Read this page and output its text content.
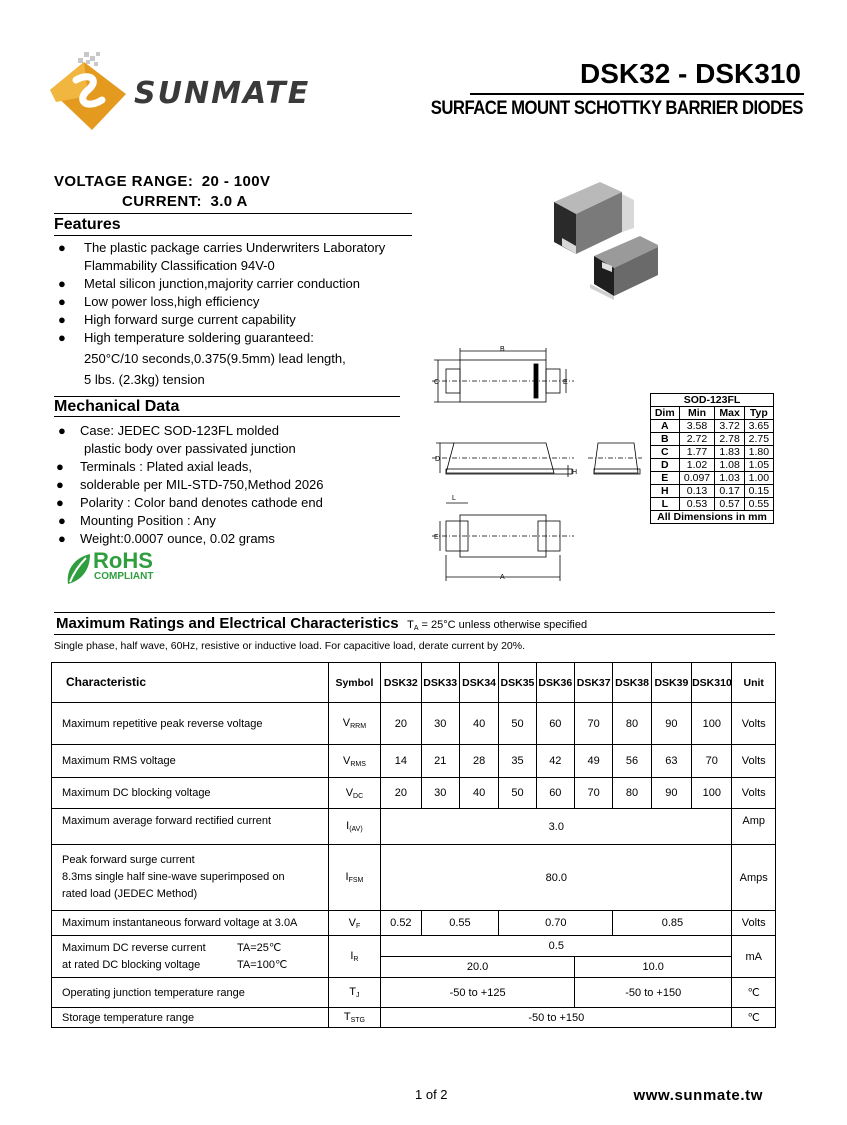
SUNMATE
DSK32 - DSK310
SURFACE MOUNT SCHOTTKY BARRIER DIODES
VOLTAGE RANGE: 20 - 100V
CURRENT: 3.0 A
Features
● The plastic package carries Underwriters Laboratory
Flammability Classification 94V-0
● Metal silicon junction,majority carrier conduction
● Low power loss,high efficiency
● High forward surge current capability
● High temperature soldering guaranteed:
250°C/10 seconds,0.375(9.5mm) lead length,
5 lbs. (2.3kg) tension
Mechanical Data
● Case: JEDEC SOD-123FL molded
plastic body over passivated junction
● Terminals : Plated axial leads,
● solderable per MIL-STD-750,Method 2026
● Polarity : Color band denotes cathode end
● Mounting Position : Any
● Weight:0.0007 ounce, 0.02 grams
RoHS
COMPLIANT
B
C	E
D
H
L
E
A
SOD-123FL			
Dim	Min	Max	Typ
A	3.58	3.72	3.65
B	2.72	2.78	2.75
C	1.77	1.83	1.80
D	1.02	1.08	1.05
E	0.097	1.03	1.00
H	0.13	0.17	0.15
L	0.53	0.57	0.55
All Dimensions in mm			
Maximum Ratings and Electrical Characteristics $T_A = 25^\circ C$ unless otherwise specified
Single phase, half wave, 60Hz, resistive or inductive load. For capacitive load, derate current by 20%.
Characteristic	Symbol	DSK32	DSK33	DSK34	DSK35	DSK36	DSK37	DSK38	DSK39	DSK310	Unit
Maximum repetitive peak reverse voltage	$V_{RRM}$	20	30	40	50	60	70	80	90	100	Volts
Maximum RMS voltage	$V_{RMS}$	14	21	28	35	42	49	56	63	70	Volts
Maximum DC blocking voltage	$V_{DC}$	20	30	40	50	60	70	80	90	100	Volts
Maximum average forward rectified current	$I_{(AV)}$	3.0									Amp

Peak forward surge current
8.3ms single half sine-wave superimposed on
rated load (JEDEC Method)	$I_{FSM}$	80.0									Amps
Maximum instantaneous forward voltage at 3.0A	$V_F$	0.52	0.55		0.70			0.85			Volts

Maximum DC reverse current TA=25℃
at rated DC blocking voltage TA=100℃	$I_R$	0.5									mA
		20.0					10.0				
Operating junction temperature range	$T_J$	-50 to +125					-50 to +150				℃
Storage temperature range	$T_{STG}$	-50 to +150									℃
1 of 2	www.sunmate.tw
